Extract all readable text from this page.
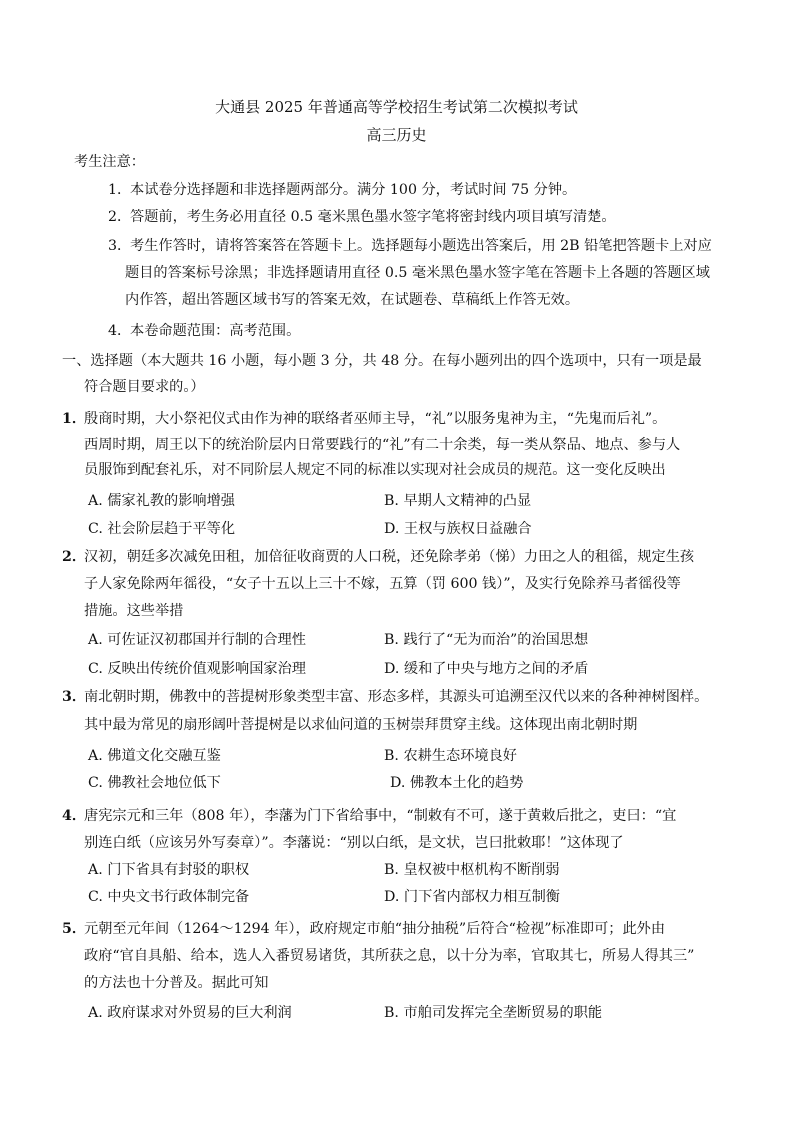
大通县 2025 年普通高等学校招生考试第二次模拟考试
高三历史
考生注意：
1．
本试卷分选择题和非选择题两部分。满分 100 分，考试时间 75 分钟。
2．
答题前，考生务必用直径 0.5 毫米黑色墨水签字笔将密封线内项目填写清楚。
3．
考生作答时，请将答案答在答题卡上。选择题每小题选出答案后，用 2B 铅笔把答题卡上对应
题目的答案标号涂黑；非选择题请用直径 0.5 毫米黑色墨水签字笔在答题卡上各题的答题区域
内作答，超出答题区域书写的答案无效，在试题卷、草稿纸上作答无效。
4．
本卷命题范围：高考范围。
一、选择题（本大题共 16 小题，每小题 3 分，共 48 分。在每小题列出的四个选项中，只有一项是最
符合题目要求的。）
1．
殷商时期，大小祭祀仪式由作为神的联络者巫师主导，“礼”以服务鬼神为主，“先鬼而后礼”。
西周时期，周王以下的统治阶层内日常要践行的“礼”有二十余类，每一类从祭品、地点、参与人
员服饰到配套礼乐，对不同阶层人规定不同的标准以实现对社会成员的规范。这一变化反映出
A. 儒家礼教的影响增强	B. 早期人文精神的凸显
C. 社会阶层趋于平等化	D. 王权与族权日益融合
2．
汉初，朝廷多次减免田租，加倍征收商贾的人口税，还免除孝弟（悌）力田之人的租徭，规定生孩
子人家免除两年徭役，“女子十五以上三十不嫁，五算（罚 600 钱）”，及实行免除养马者徭役等
措施。这些举措
A. 可佐证汉初郡国并行制的合理性	B. 践行了“无为而治”的治国思想
C. 反映出传统价值观影响国家治理	D. 缓和了中央与地方之间的矛盾
3．
南北朝时期，佛教中的菩提树形象类型丰富、形态多样，其源头可追溯至汉代以来的各种神树图样。
其中最为常见的扇形阔叶菩提树是以求仙问道的玉树崇拜贯穿主线。这体现出南北朝时期
A. 佛道文化交融互鉴	B. 农耕生态环境良好
C. 佛教社会地位低下	D. 佛教本土化的趋势
4．
唐宪宗元和三年（808 年），李藩为门下省给事中，“制敕有不可，遂于黄敕后批之，吏曰：“宜
别连白纸（应该另外写奏章）”。李藩说：“别以白纸，是文状，岂曰批敕耶！”这体现了
A. 门下省具有封驳的职权	B. 皇权被中枢机构不断削弱
C. 中央文书行政体制完备	D. 门下省内部权力相互制衡
5．
元朝至元年间（1264～1294 年），政府规定市舶“抽分抽税”后符合“检视”标准即可；此外由
政府“官自具船、给本，选人入番贸易诸货，其所获之息，以十分为率，官取其七，所易人得其三”
的方法也十分普及。据此可知
A. 政府谋求对外贸易的巨大利润	B. 市舶司发挥完全垄断贸易的职能
